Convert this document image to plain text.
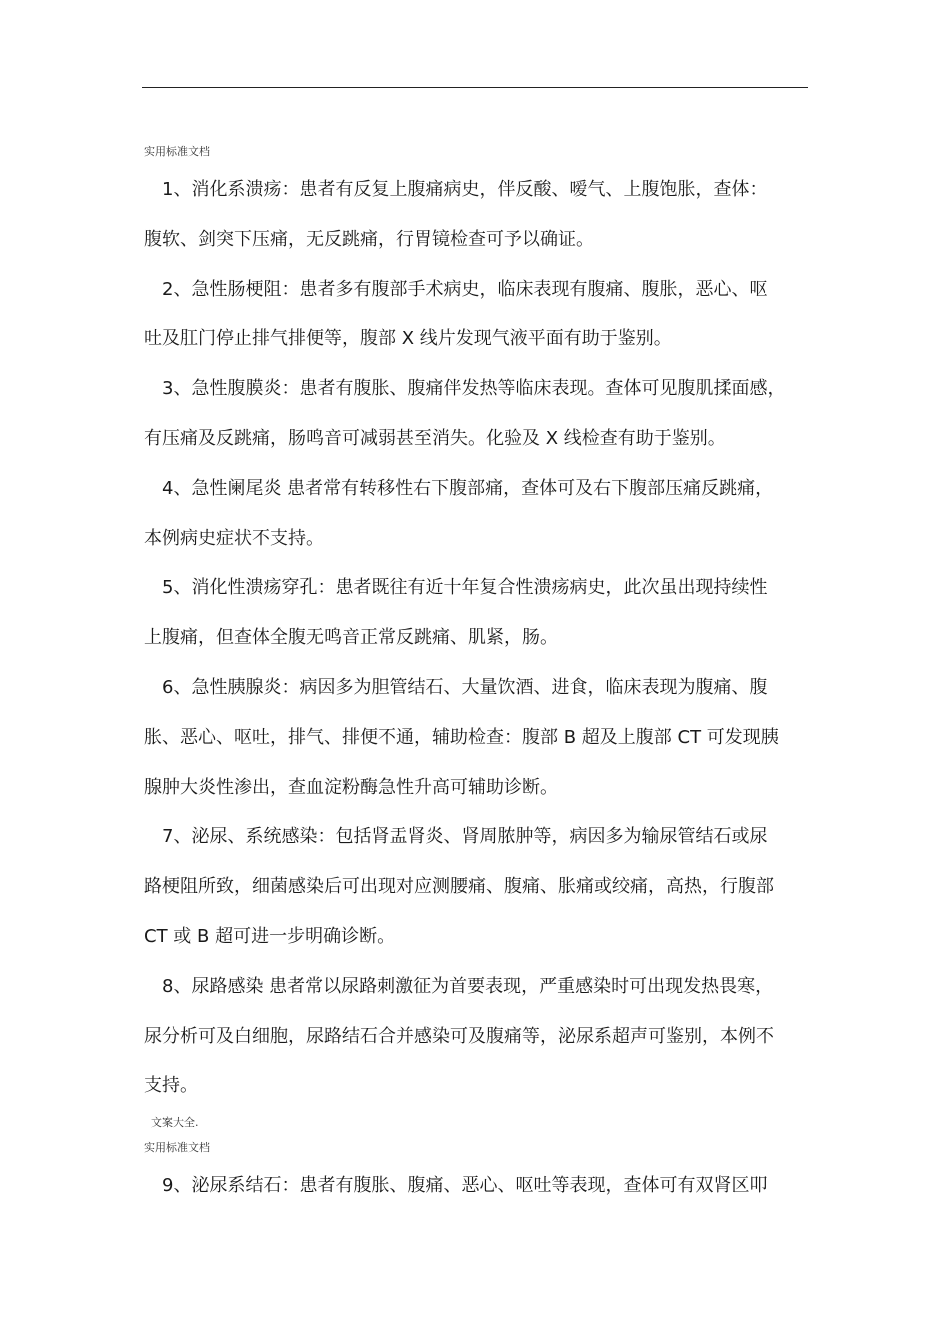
实用标准文档
1、消化系溃疡：患者有反复上腹痛病史，伴反酸、嗳气、上腹饱胀，查体：
腹软、剑突下压痛，无反跳痛，行胃镜检查可予以确证。
2、急性肠梗阻：患者多有腹部手术病史，临床表现有腹痛、腹胀，恶心、呕
吐及肛门停止排气排便等，腹部 X 线片发现气液平面有助于鉴别。
3、急性腹膜炎：患者有腹胀、腹痛伴发热等临床表现。查体可见腹肌揉面感，
有压痛及反跳痛，肠鸣音可减弱甚至消失。化验及 X 线检查有助于鉴别。
4、急性阑尾炎 患者常有转移性右下腹部痛，查体可及右下腹部压痛反跳痛，
本例病史症状不支持。
5、消化性溃疡穿孔：患者既往有近十年复合性溃疡病史，此次虽出现持续性
上腹痛，但查体全腹无鸣音正常反跳痛、肌紧，肠。
6、急性胰腺炎：病因多为胆管结石、大量饮酒、进食，临床表现为腹痛、腹
胀、恶心、呕吐，排气、排便不通，辅助检查：腹部 B 超及上腹部 CT 可发现胰
腺肿大炎性渗出，查血淀粉酶急性升高可辅助诊断。
7、泌尿、系统感染：包括肾盂肾炎、肾周脓肿等，病因多为输尿管结石或尿
路梗阻所致，细菌感染后可出现对应测腰痛、腹痛、胀痛或绞痛，高热，行腹部
CT 或 B 超可进一步明确诊断。
8、尿路感染 患者常以尿路刺激征为首要表现，严重感染时可出现发热畏寒，
尿分析可及白细胞，尿路结石合并感染可及腹痛等，泌尿系超声可鉴别，本例不
支持。
文案大全.
实用标准文档
9、泌尿系结石：患者有腹胀、腹痛、恶心、呕吐等表现，查体可有双肾区叩
